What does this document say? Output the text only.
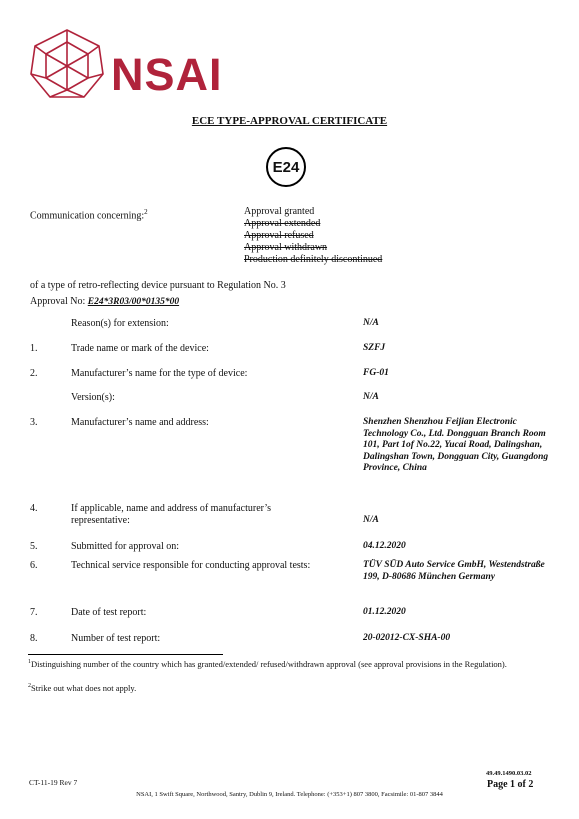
NSAI
ECE TYPE-APPROVAL CERTIFICATE
E24
Communication concerning:$^2$	Approval granted
Approval extended
Approval refused
Approval withdrawn
Production definitely discontinued
of a type of retro-reflecting device pursuant to Regulation No. 3
Approval No: E24*3R03/00*0135*00
Reason(s) for extension:	N/A
1.	Trade name or mark of the device:	SZFJ
2.	Manufacturer’s name for the type of device:	FG-01
Version(s):	N/A
3.	Manufacturer’s name and address:	Shenzhen Shenzhou Feijian Electronic Technology Co., Ltd. Dongguan Branch Room 101, Part 1of No.22, Yucai Road, Dalingshan, Dalingshan Town, Dongguan City, Guangdong Province, China
4.	If applicable, name and address of manufacturer’s representative:	N/A
5.	Submitted for approval on:	04.12.2020
6.	Technical service responsible for conducting approval tests:	TÜV SÜD Auto Service GmbH, Westendstraße 199, D-80686 München Germany
7.	Date of test report:	01.12.2020
8.	Number of test report:	20-02012-CX-SHA-00
$^1$Distinguishing number of the country which has granted/extended/ refused/withdrawn approval (see approval provisions in the Regulation).
$^2$Strike out what does not apply.
CT-11-19 Rev 7
49.49.1490.03.02
Page 1 of 2
NSAI, 1 Swift Square, Northwood, Santry, Dublin 9, Ireland. Telephone: (+353+1) 807 3800, Facsimile: 01-807 3844
